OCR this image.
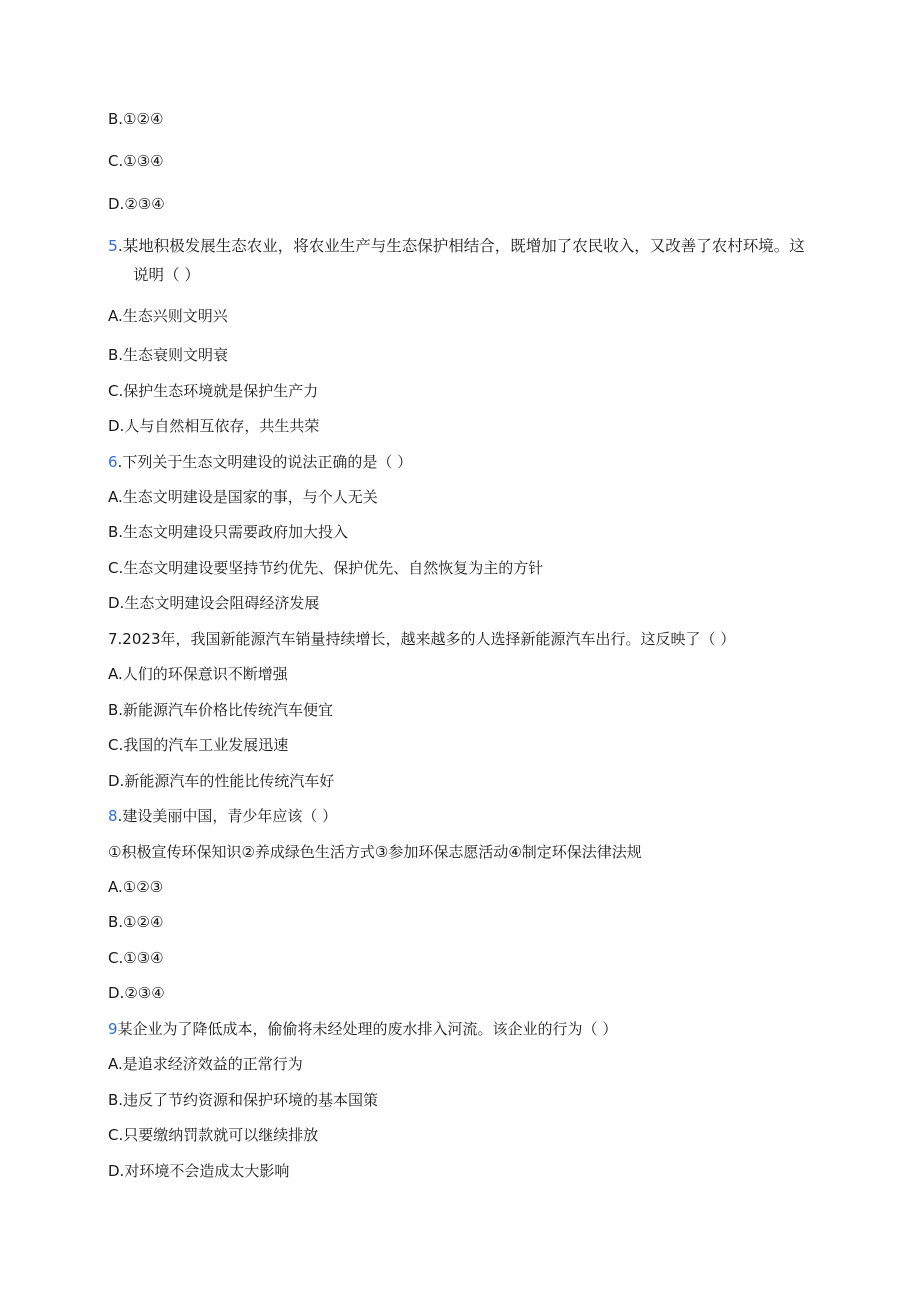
B.①②④
C.①③④
D.②③④
5.某地积极发展生态农业，将农业生产与生态保护相结合，既增加了农民收入，又改善了农村环境。这
说明（ ）
A.生态兴则文明兴
B.生态衰则文明衰
C.保护生态环境就是保护生产力
D.人与自然相互依存，共生共荣
6.下列关于生态文明建设的说法正确的是（ ）
A.生态文明建设是国家的事，与个人无关
B.生态文明建设只需要政府加大投入
C.生态文明建设要坚持节约优先、保护优先、自然恢复为主的方针
D.生态文明建设会阻碍经济发展
7.2023年，我国新能源汽车销量持续增长，越来越多的人选择新能源汽车出行。这反映了（ ）
A.人们的环保意识不断增强
B.新能源汽车价格比传统汽车便宜
C.我国的汽车工业发展迅速
D.新能源汽车的性能比传统汽车好
8.建设美丽中国，青少年应该（ ）
①积极宣传环保知识②养成绿色生活方式③参加环保志愿活动④制定环保法律法规
A.①②③
B.①②④
C.①③④
D.②③④
9某企业为了降低成本，偷偷将未经处理的废水排入河流。该企业的行为（ ）
A.是追求经济效益的正常行为
B.违反了节约资源和保护环境的基本国策
C.只要缴纳罚款就可以继续排放
D.对环境不会造成太大影响
